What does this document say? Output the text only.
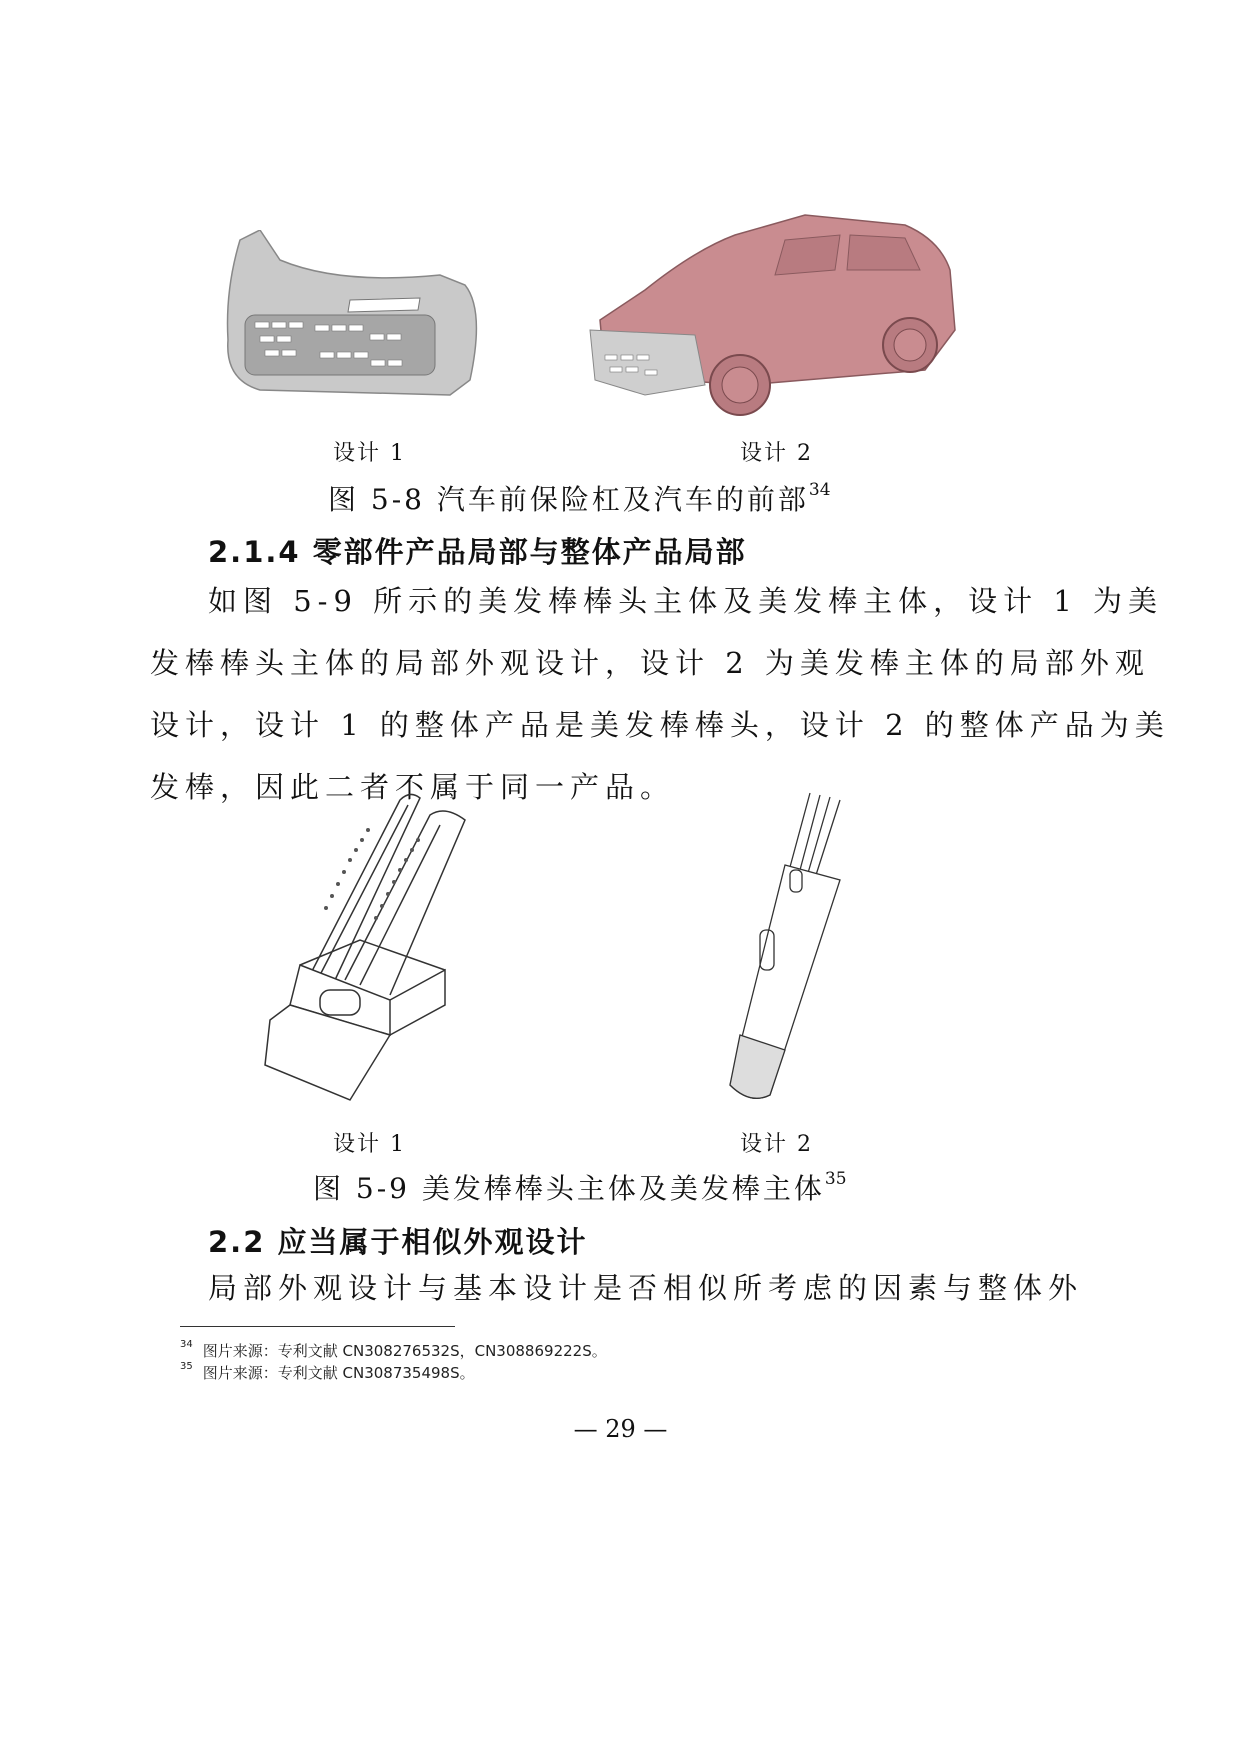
设计 1	设计 2
图 5-8 汽车前保险杠及汽车的前部$^{34}$
2.1.4 零部件产品局部与整体产品局部
如图 5-9 所示的美发棒棒头主体及美发棒主体，设计 1 为美
发棒棒头主体的局部外观设计，设计 2 为美发棒主体的局部外观
设计，设计 1 的整体产品是美发棒棒头，设计 2 的整体产品为美
发棒，因此二者不属于同一产品。
设计 1	设计 2
图 5-9 美发棒棒头主体及美发棒主体$^{35}$
2.2 应当属于相似外观设计
局部外观设计与基本设计是否相似所考虑的因素与整体外
$^{34}$ 图片来源：专利文献 CN308276532S，CN308869222S。
$^{35}$ 图片来源：专利文献 CN308735498S。
— 29 —
